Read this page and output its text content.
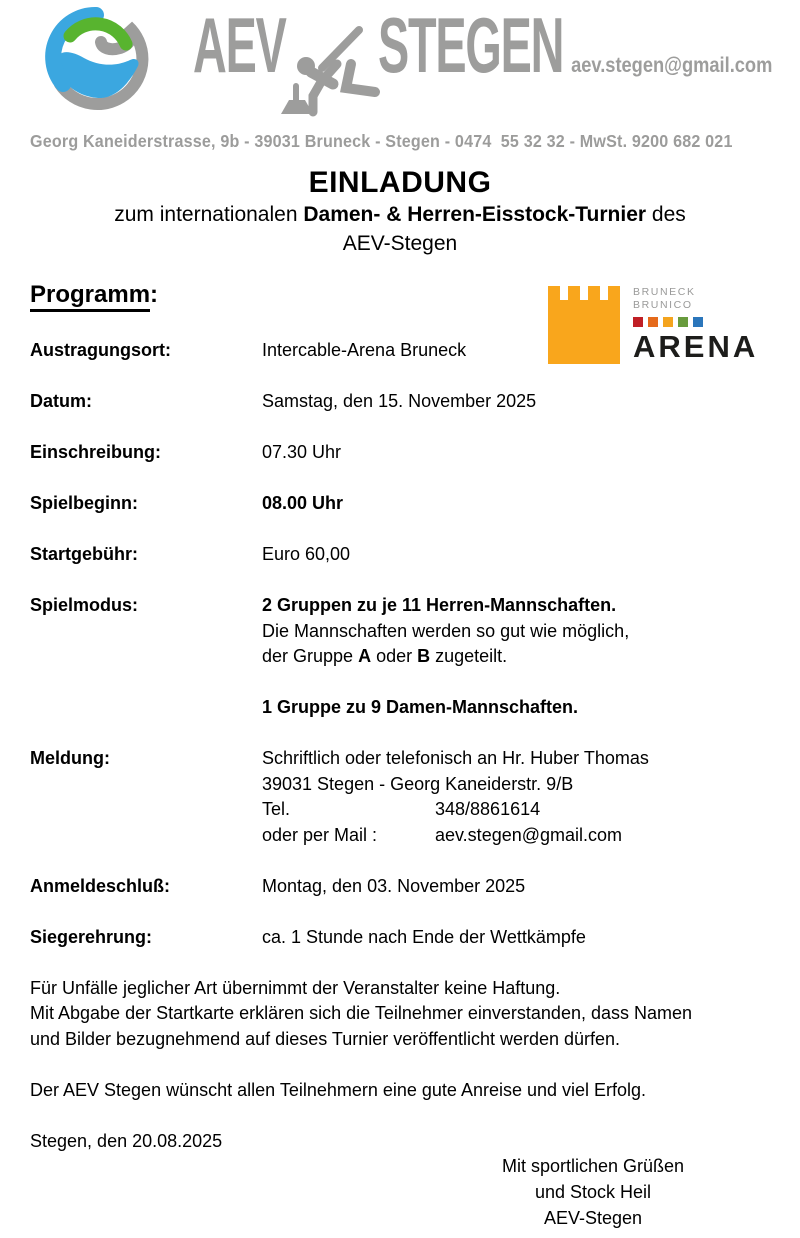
AEV STEGEN aev.stegen@gmail.com
Georg Kaneiderstrasse, 9b - 39031 Bruneck - Stegen - 0474  55 32 32 - MwSt. 9200 682 021
EINLADUNG
zum internationalen Damen- & Herren-Eisstock-Turnier des
AEV-Stegen
Programm:	BRUNECK
BRUNICO
ARENA
Austragungsort:	Intercable-Arena Bruneck
Datum:	Samstag, den 15. November 2025
Einschreibung:	07.30 Uhr
Spielbeginn:	08.00 Uhr
Startgebühr:	Euro 60,00
Spielmodus:	2 Gruppen zu je 11 Herren-Mannschaften.
Die Mannschaften werden so gut wie möglich,
der Gruppe A oder B zugeteilt.
1 Gruppe zu 9 Damen-Mannschaften.
Meldung:	Schriftlich oder telefonisch an Hr. Huber Thomas
39031 Stegen - Georg Kaneiderstr. 9/B
Tel.	348/8861614
oder per Mail :	aev.stegen@gmail.com
Anmeldeschluß:	Montag, den 03. November 2025
Siegerehrung:	ca. 1 Stunde nach Ende der Wettkämpfe
Für Unfälle jeglicher Art übernimmt der Veranstalter keine Haftung.
Mit Abgabe der Startkarte erklären sich die Teilnehmer einverstanden, dass Namen
und Bilder bezugnehmend auf dieses Turnier veröffentlicht werden dürfen.
Der AEV Stegen wünscht allen Teilnehmern eine gute Anreise und viel Erfolg.
Stegen, den 20.08.2025
Mit sportlichen Grüßen
und Stock Heil
AEV-Stegen
